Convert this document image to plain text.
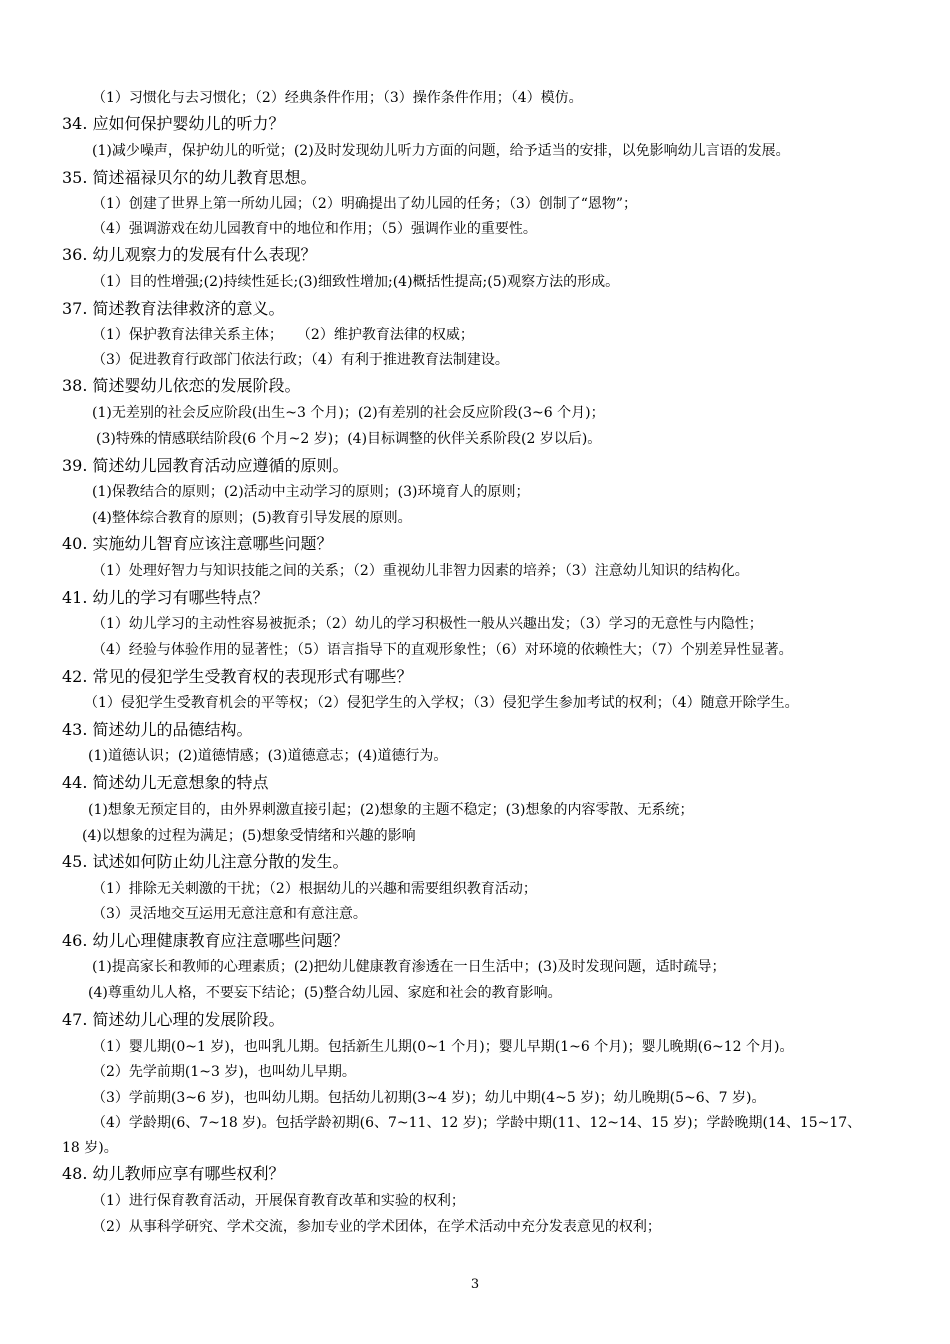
（1）习惯化与去习惯化；（2）经典条件作用；（3）操作条件作用；（4）模仿。
34. 应如何保护婴幼儿的听力？
(1)减少噪声，保护幼儿的听觉；(2)及时发现幼儿听力方面的问题，给予适当的安排，以免影响幼儿言语的发展。
35. 简述福禄贝尔的幼儿教育思想。
（1）创建了世界上第一所幼儿园；（2）明确提出了幼儿园的任务；（3）创制了“恩物”；
（4）强调游戏在幼儿园教育中的地位和作用；（5）强调作业的重要性。
36. 幼儿观察力的发展有什么表现？
（1）目的性增强;(2)持续性延长;(3)细致性增加;(4)概括性提高;(5)观察方法的形成。
37. 简述教育法律救济的意义。
（1）保护教育法律关系主体；　　（2）维护教育法律的权威；
（3）促进教育行政部门依法行政；（4）有利于推进教育法制建设。
38. 简述婴幼儿依恋的发展阶段。
(1)无差别的社会反应阶段(出生~3 个月)；(2)有差别的社会反应阶段(3~6 个月)；
(3)特殊的情感联结阶段(6 个月~2 岁)；(4)目标调整的伙伴关系阶段(2 岁以后)。
39. 简述幼儿园教育活动应遵循的原则。
(1)保教结合的原则；(2)活动中主动学习的原则；(3)环境育人的原则；
(4)整体综合教育的原则；(5)教育引导发展的原则。
40. 实施幼儿智育应该注意哪些问题？
（1）处理好智力与知识技能之间的关系；（2）重视幼儿非智力因素的培养；（3）注意幼儿知识的结构化。
41. 幼儿的学习有哪些特点？
（1）幼儿学习的主动性容易被扼杀；（2）幼儿的学习积极性一般从兴趣出发；（3）学习的无意性与内隐性；
（4）经验与体验作用的显著性；（5）语言指导下的直观形象性；（6）对环境的依赖性大；（7）个别差异性显著。
42. 常见的侵犯学生受教育权的表现形式有哪些？
（1）侵犯学生受教育机会的平等权；（2）侵犯学生的入学权；（3）侵犯学生参加考试的权利；（4）随意开除学生。
43. 简述幼儿的品德结构。
(1)道德认识；(2)道德情感；(3)道德意志；(4)道德行为。
44. 简述幼儿无意想象的特点
(1)想象无预定目的，由外界刺激直接引起；(2)想象的主题不稳定；(3)想象的内容零散、无系统；
(4)以想象的过程为满足；(5)想象受情绪和兴趣的影响
45. 试述如何防止幼儿注意分散的发生。
（1）排除无关刺激的干扰；（2）根据幼儿的兴趣和需要组织教育活动；
（3）灵活地交互运用无意注意和有意注意。
46. 幼儿心理健康教育应注意哪些问题？
(1)提高家长和教师的心理素质；(2)把幼儿健康教育渗透在一日生活中；(3)及时发现问题，适时疏导；
(4)尊重幼儿人格，不要妄下结论；(5)整合幼儿园、家庭和社会的教育影响。
47. 简述幼儿心理的发展阶段。
（1）婴儿期(0~1 岁)，也叫乳儿期。包括新生儿期(0~1 个月)；婴儿早期(1~6 个月)；婴儿晚期(6~12 个月)。
（2）先学前期(1~3 岁)，也叫幼儿早期。
（3）学前期(3~6 岁)，也叫幼儿期。包括幼儿初期(3~4 岁)；幼儿中期(4~5 岁)；幼儿晚期(5~6、7 岁)。
（4）学龄期(6、7~18 岁)。包括学龄初期(6、7~11、12 岁)；学龄中期(11、12~14、15 岁)；学龄晚期(14、15~17、
18 岁)。
48. 幼儿教师应享有哪些权利？
（1）进行保育教育活动，开展保育教育改革和实验的权利；
（2）从事科学研究、学术交流，参加专业的学术团体，在学术活动中充分发表意见的权利；
3
